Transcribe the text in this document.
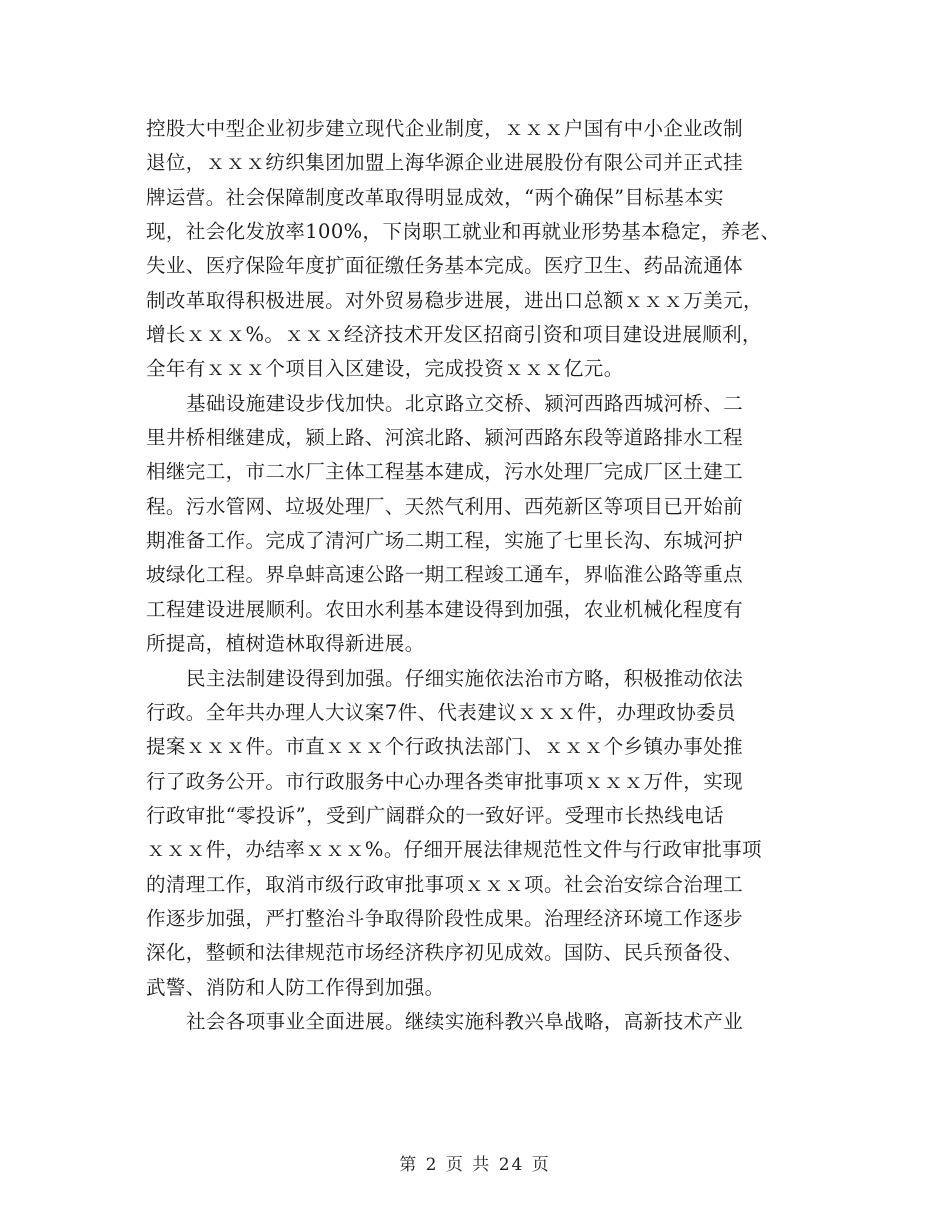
控股大中型企业初步建立现代企业制度，ｘｘｘ户国有中小企业改制
退位，ｘｘｘ纺织集团加盟上海华源企业进展股份有限公司并正式挂
牌运营。社会保障制度改革取得明显成效，“两个确保”目标基本实
现，社会化发放率100%，下岗职工就业和再就业形势基本稳定，养老、
失业、医疗保险年度扩面征缴任务基本完成。医疗卫生、药品流通体
制改革取得积极进展。对外贸易稳步进展，进出口总额ｘｘｘ万美元，
增长ｘｘｘ%。ｘｘｘ经济技术开发区招商引资和项目建设进展顺利，
全年有ｘｘｘ个项目入区建设，完成投资ｘｘｘ亿元。
基础设施建设步伐加快。北京路立交桥、颍河西路西城河桥、二
里井桥相继建成，颍上路、河滨北路、颍河西路东段等道路排水工程
相继完工，市二水厂主体工程基本建成，污水处理厂完成厂区土建工
程。污水管网、垃圾处理厂、天然气利用、西苑新区等项目已开始前
期准备工作。完成了清河广场二期工程，实施了七里长沟、东城河护
坡绿化工程。界阜蚌高速公路一期工程竣工通车，界临淮公路等重点
工程建设进展顺利。农田水利基本建设得到加强，农业机械化程度有
所提高，植树造林取得新进展。
民主法制建设得到加强。仔细实施依法治市方略，积极推动依法
行政。全年共办理人大议案7件、代表建议ｘｘｘ件，办理政协委员
提案ｘｘｘ件。市直ｘｘｘ个行政执法部门、ｘｘｘ个乡镇办事处推
行了政务公开。市行政服务中心办理各类审批事项ｘｘｘ万件，实现
行政审批“零投诉”，受到广阔群众的一致好评。受理市长热线电话
ｘｘｘ件，办结率ｘｘｘ%。仔细开展法律规范性文件与行政审批事项
的清理工作，取消市级行政审批事项ｘｘｘ项。社会治安综合治理工
作逐步加强，严打整治斗争取得阶段性成果。治理经济环境工作逐步
深化，整顿和法律规范市场经济秩序初见成效。国防、民兵预备役、
武警、消防和人防工作得到加强。
社会各项事业全面进展。继续实施科教兴阜战略，高新技术产业
第 2 页 共 24 页
